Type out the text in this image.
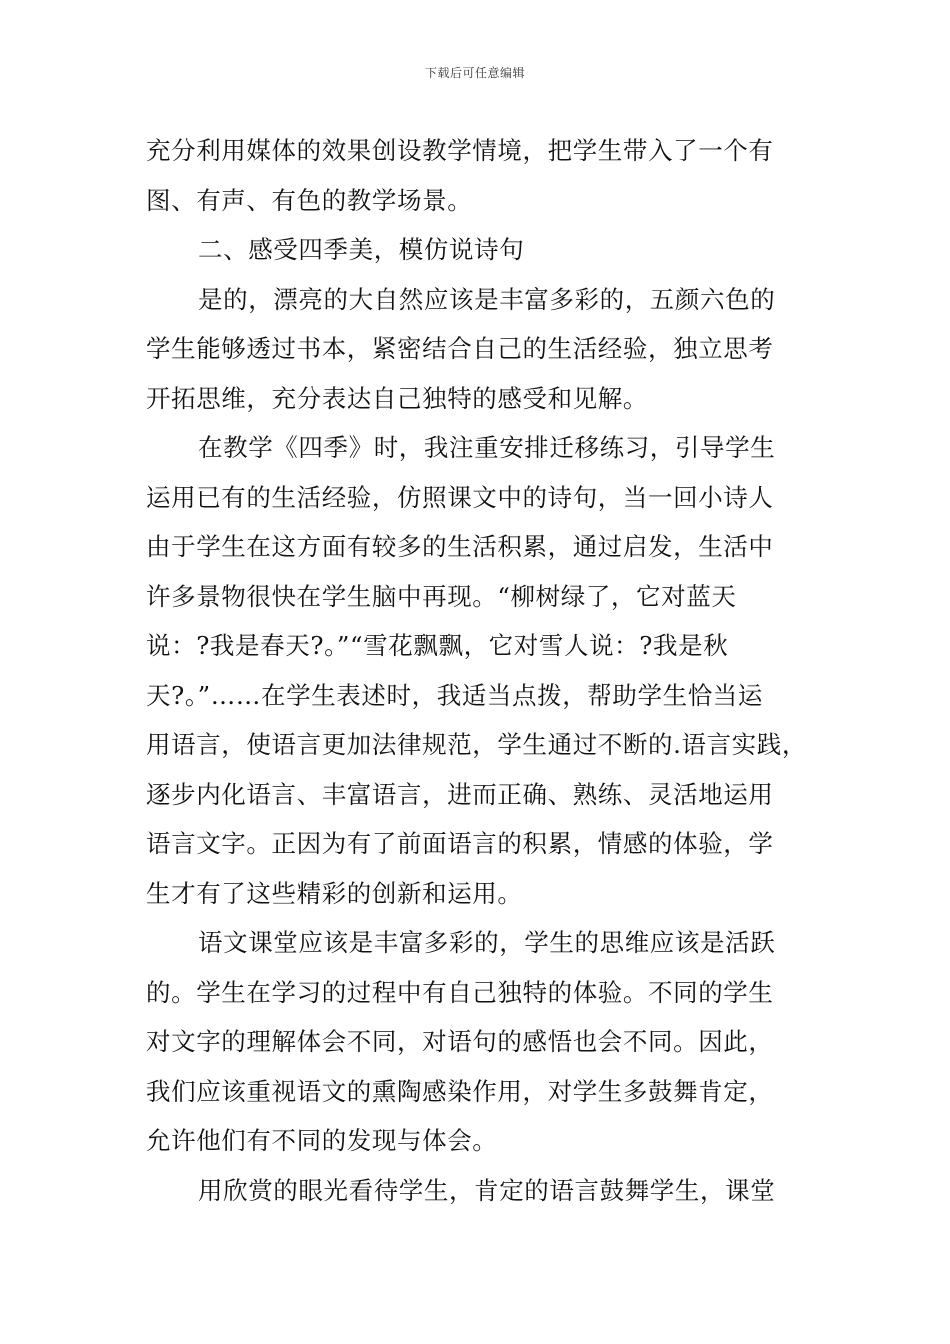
下载后可任意编辑
充分利用媒体的效果创设教学情境，把学生带入了一个有
图、有声、有色的教学场景。
二、感受四季美，模仿说诗句
是的，漂亮的大自然应该是丰富多彩的，五颜六色的
学生能够透过书本，紧密结合自己的生活经验，独立思考
开拓思维，充分表达自己独特的感受和见解。
在教学《四季》时，我注重安排迁移练习，引导学生
运用已有的生活经验，仿照课文中的诗句，当一回小诗人
由于学生在这方面有较多的生活积累，通过启发，生活中
许多景物很快在学生脑中再现。“柳树绿了，它对蓝天
说：?我是春天?。”“雪花飘飘，它对雪人说：?我是秋
天?。”……在学生表述时，我适当点拨，帮助学生恰当运
用语言，使语言更加法律规范，学生通过不断的.语言实践，
逐步内化语言、丰富语言，进而正确、熟练、灵活地运用
语言文字。正因为有了前面语言的积累，情感的体验，学
生才有了这些精彩的创新和运用。
语文课堂应该是丰富多彩的，学生的思维应该是活跃
的。学生在学习的过程中有自己独特的体验。不同的学生
对文字的理解体会不同，对语句的感悟也会不同。因此，
我们应该重视语文的熏陶感染作用，对学生多鼓舞肯定，
允许他们有不同的发现与体会。
用欣赏的眼光看待学生，肯定的语言鼓舞学生，课堂
